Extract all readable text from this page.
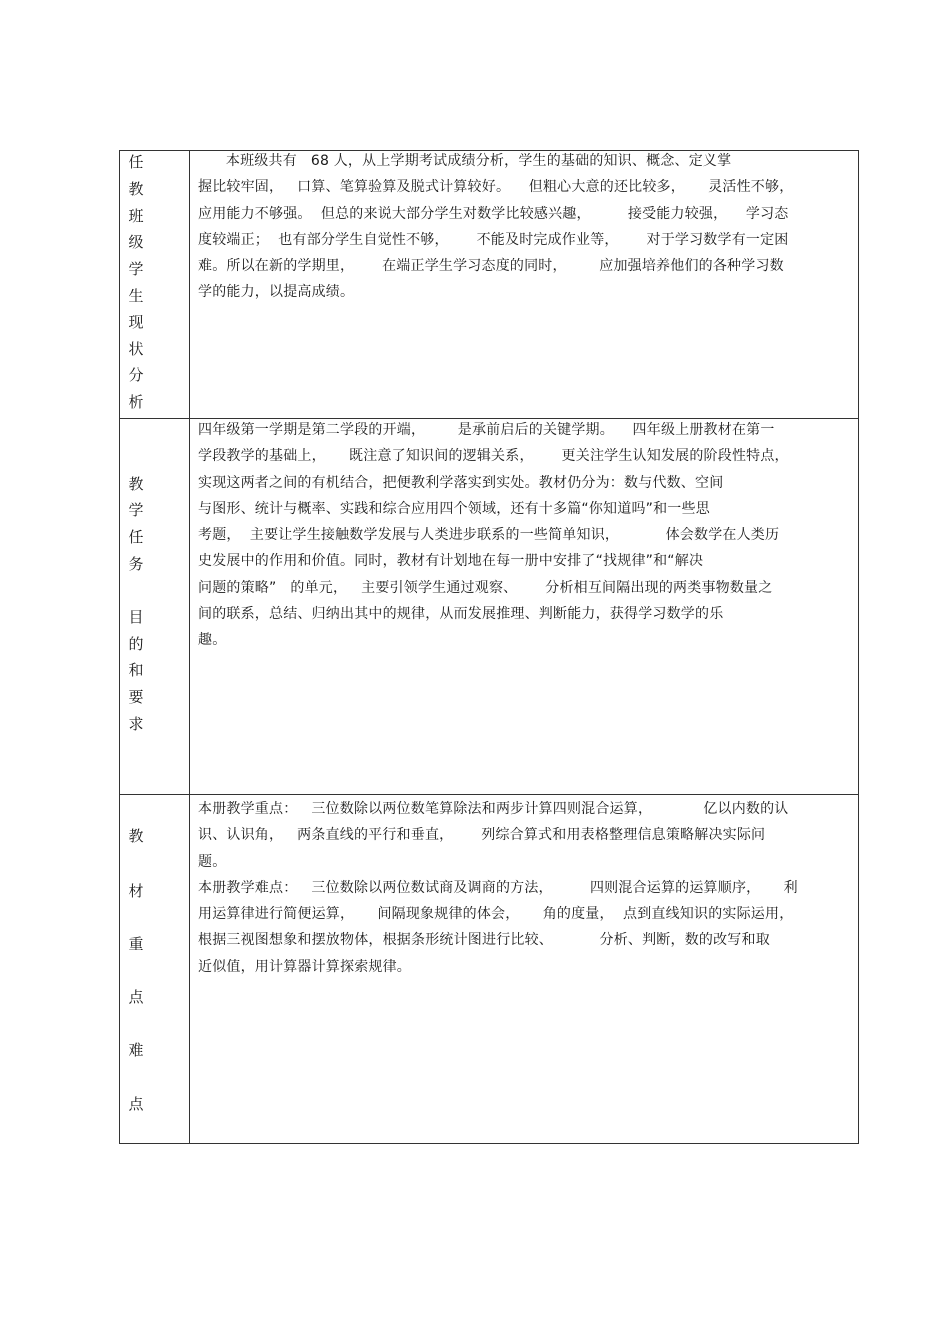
任
教
班
级
学
生
现
状
分
析
本班级共有   68 人，从上学期考试成绩分析，学生的基础的知识、概念、定义掌
握比较牢固，   口算、笔算验算及脱式计算较好。    但粗心大意的还比较多，     灵活性不够，
应用能力不够强。  但总的来说大部分学生对数学比较感兴趣，        接受能力较强，    学习态
度较端正；  也有部分学生自觉性不够，      不能及时完成作业等，      对于学习数学有一定困
难。所以在新的学期里，      在端正学生学习态度的同时，       应加强培养他们的各种学习数
学的能力，以提高成绩。
教
学
任
务
目
的
和
要
求
四年级第一学期是第二学段的开端，       是承前启后的关键学期。    四年级上册教材在第一
学段教学的基础上，     既注意了知识间的逻辑关系，      更关注学生认知发展的阶段性特点，
实现这两者之间的有机结合，把便教利学落实到实处。教材仍分为：数与代数、空间
与图形、统计与概率、实践和综合应用四个领域，还有十多篇“你知道吗”和一些思
考题，  主要让学生接触数学发展与人类进步联系的一些简单知识，          体会数学在人类历
史发展中的作用和价值。同时，教材有计划地在每一册中安排了“找规律”和“解决
问题的策略”   的单元，   主要引领学生通过观察、      分析相互间隔出现的两类事物数量之
间的联系，总结、归纳出其中的规律，从而发展推理、判断能力，获得学习数学的乐
趣。
教
材
重
点
难
点
本册教学重点：   三位数除以两位数笔算除法和两步计算四则混合运算，           亿以内数的认
识、认识角，   两条直线的平行和垂直，      列综合算式和用表格整理信息策略解决实际问
题。
本册教学难点：   三位数除以两位数试商及调商的方法，        四则混合运算的运算顺序，     利
用运算律进行简便运算，     间隔现象规律的体会，     角的度量，  点到直线知识的实际运用，
根据三视图想象和摆放物体，根据条形统计图进行比较、          分析、判断，数的改写和取
近似值，用计算器计算探索规律。
